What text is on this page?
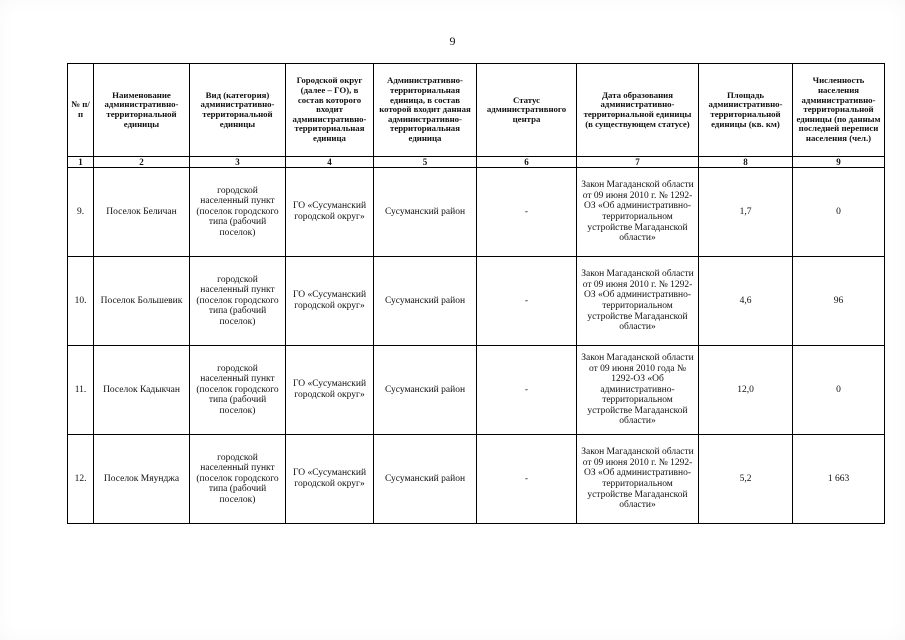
9
№ п/п	Наименование административно-территориальной единицы	Вид (категория) административно-территориальной единицы	Городской округ (далее – ГО), в состав которого входит административно-территориальная единица	Административно-территориальная единица, в состав которой входит данная административно-территориальная единица	Статус административного центра	Дата образования административно-территориальной единицы (в существующем статусе)	Площадь административно-территориальной единицы (кв. км)	Численность населения административно-территориальной единицы (по данным последней переписи населения (чел.)
1	2	3	4	5	6	7	8	9
9.	Поселок Беличан	городской населенный пункт (поселок городского типа (рабочий поселок)	ГО «Сусуманский городской округ»	Сусуманский район	-	Закон Магаданской области от 09 июня 2010 г. № 1292-ОЗ «Об административно-территориальном устройстве Магаданской области»	1,7	0
10.	Поселок Большевик	городской населенный пункт (поселок городского типа (рабочий поселок)	ГО «Сусуманский городской округ»	Сусуманский район	-	Закон Магаданской области от 09 июня 2010 г. № 1292-ОЗ «Об административно-территориальном устройстве Магаданской области»	4,6	96
11.	Поселок Кадыкчан	городской населенный пункт (поселок городского типа (рабочий поселок)	ГО «Сусуманский городской округ»	Сусуманский район	-	Закон Магаданской области от 09 июня 2010 года № 1292-ОЗ «Об административно-территориальном устройстве Магаданской области»	12,0	0
12.	Поселок Мяунджа	городской населенный пункт (поселок городского типа (рабочий поселок)	ГО «Сусуманский городской округ»	Сусуманский район	-	Закон Магаданской области от 09 июня 2010 г. № 1292-ОЗ «Об административно-территориальном устройстве Магаданской области»	5,2	1 663
